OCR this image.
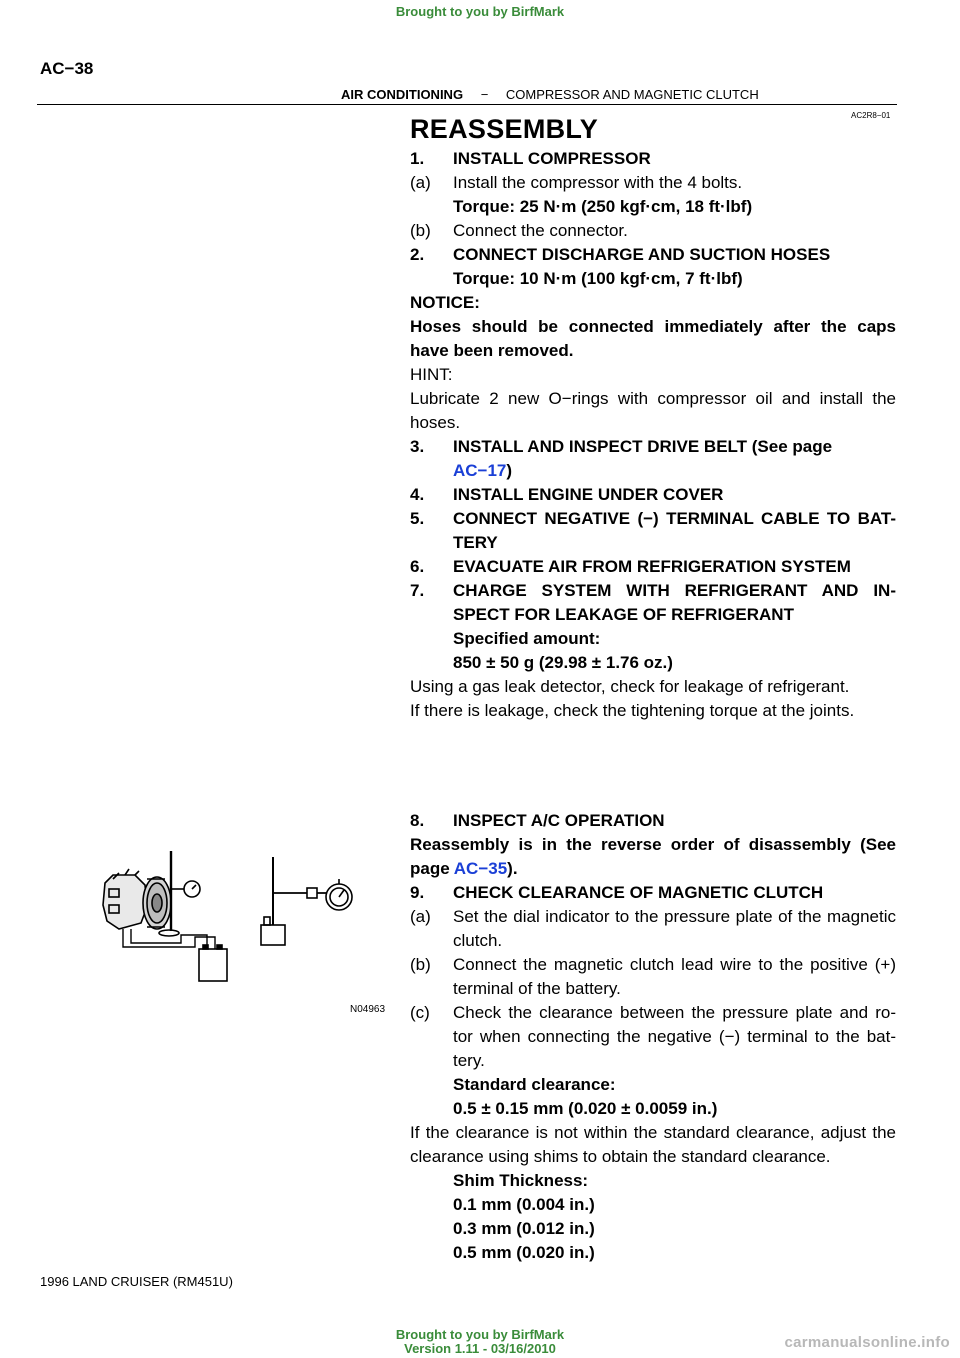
Brought to you by BirfMark
AC−38
AIR CONDITIONING − COMPRESSOR AND MAGNETIC CLUTCH
AC2R8−01
REASSEMBLY
1. INSTALL COMPRESSOR
(a) Install the compressor with the 4 bolts.
Torque: 25 N·m (250 kgf·cm, 18 ft·lbf)
(b) Connect the connector.
2. CONNECT DISCHARGE AND SUCTION HOSES
Torque: 10 N·m (100 kgf·cm, 7 ft·lbf)
NOTICE:
Hoses should be connected immediately after the caps
have been removed.
HINT:
Lubricate 2 new O−rings with compressor oil and install the
hoses.
3. INSTALL AND INSPECT DRIVE BELT (See page
AC−17)
4. INSTALL ENGINE UNDER COVER
5. CONNECT NEGATIVE (−) TERMINAL CABLE TO BAT-
TERY
6. EVACUATE AIR FROM REFRIGERATION SYSTEM
7. CHARGE SYSTEM WITH REFRIGERANT AND IN-
SPECT FOR LEAKAGE OF REFRIGERANT
Specified amount:
850 ± 50 g (29.98 ± 1.76 oz.)
Using a gas leak detector, check for leakage of refrigerant.
If there is leakage, check the tightening torque at the joints.
8. INSPECT A/C OPERATION
Reassembly is in the reverse order of disassembly (See
page AC−35).
9. CHECK CLEARANCE OF MAGNETIC CLUTCH
(a) Set the dial indicator to the pressure plate of the magnetic
clutch.
(b) Connect the magnetic clutch lead wire to the positive (+)
terminal of the battery.
(c) Check the clearance between the pressure plate and ro-
tor when connecting the negative (−) terminal to the bat-
tery.
Standard clearance:
0.5 ± 0.15 mm (0.020 ± 0.0059 in.)
If the clearance is not within the standard clearance, adjust the
clearance using shims to obtain the standard clearance.
Shim Thickness:
0.1 mm (0.004 in.)
0.3 mm (0.012 in.)
0.5 mm (0.020 in.)
N04963
1996 LAND CRUISER (RM451U)
Brought to you by BirfMark
Version 1.11 - 03/16/2010	carmanualsonline.info
